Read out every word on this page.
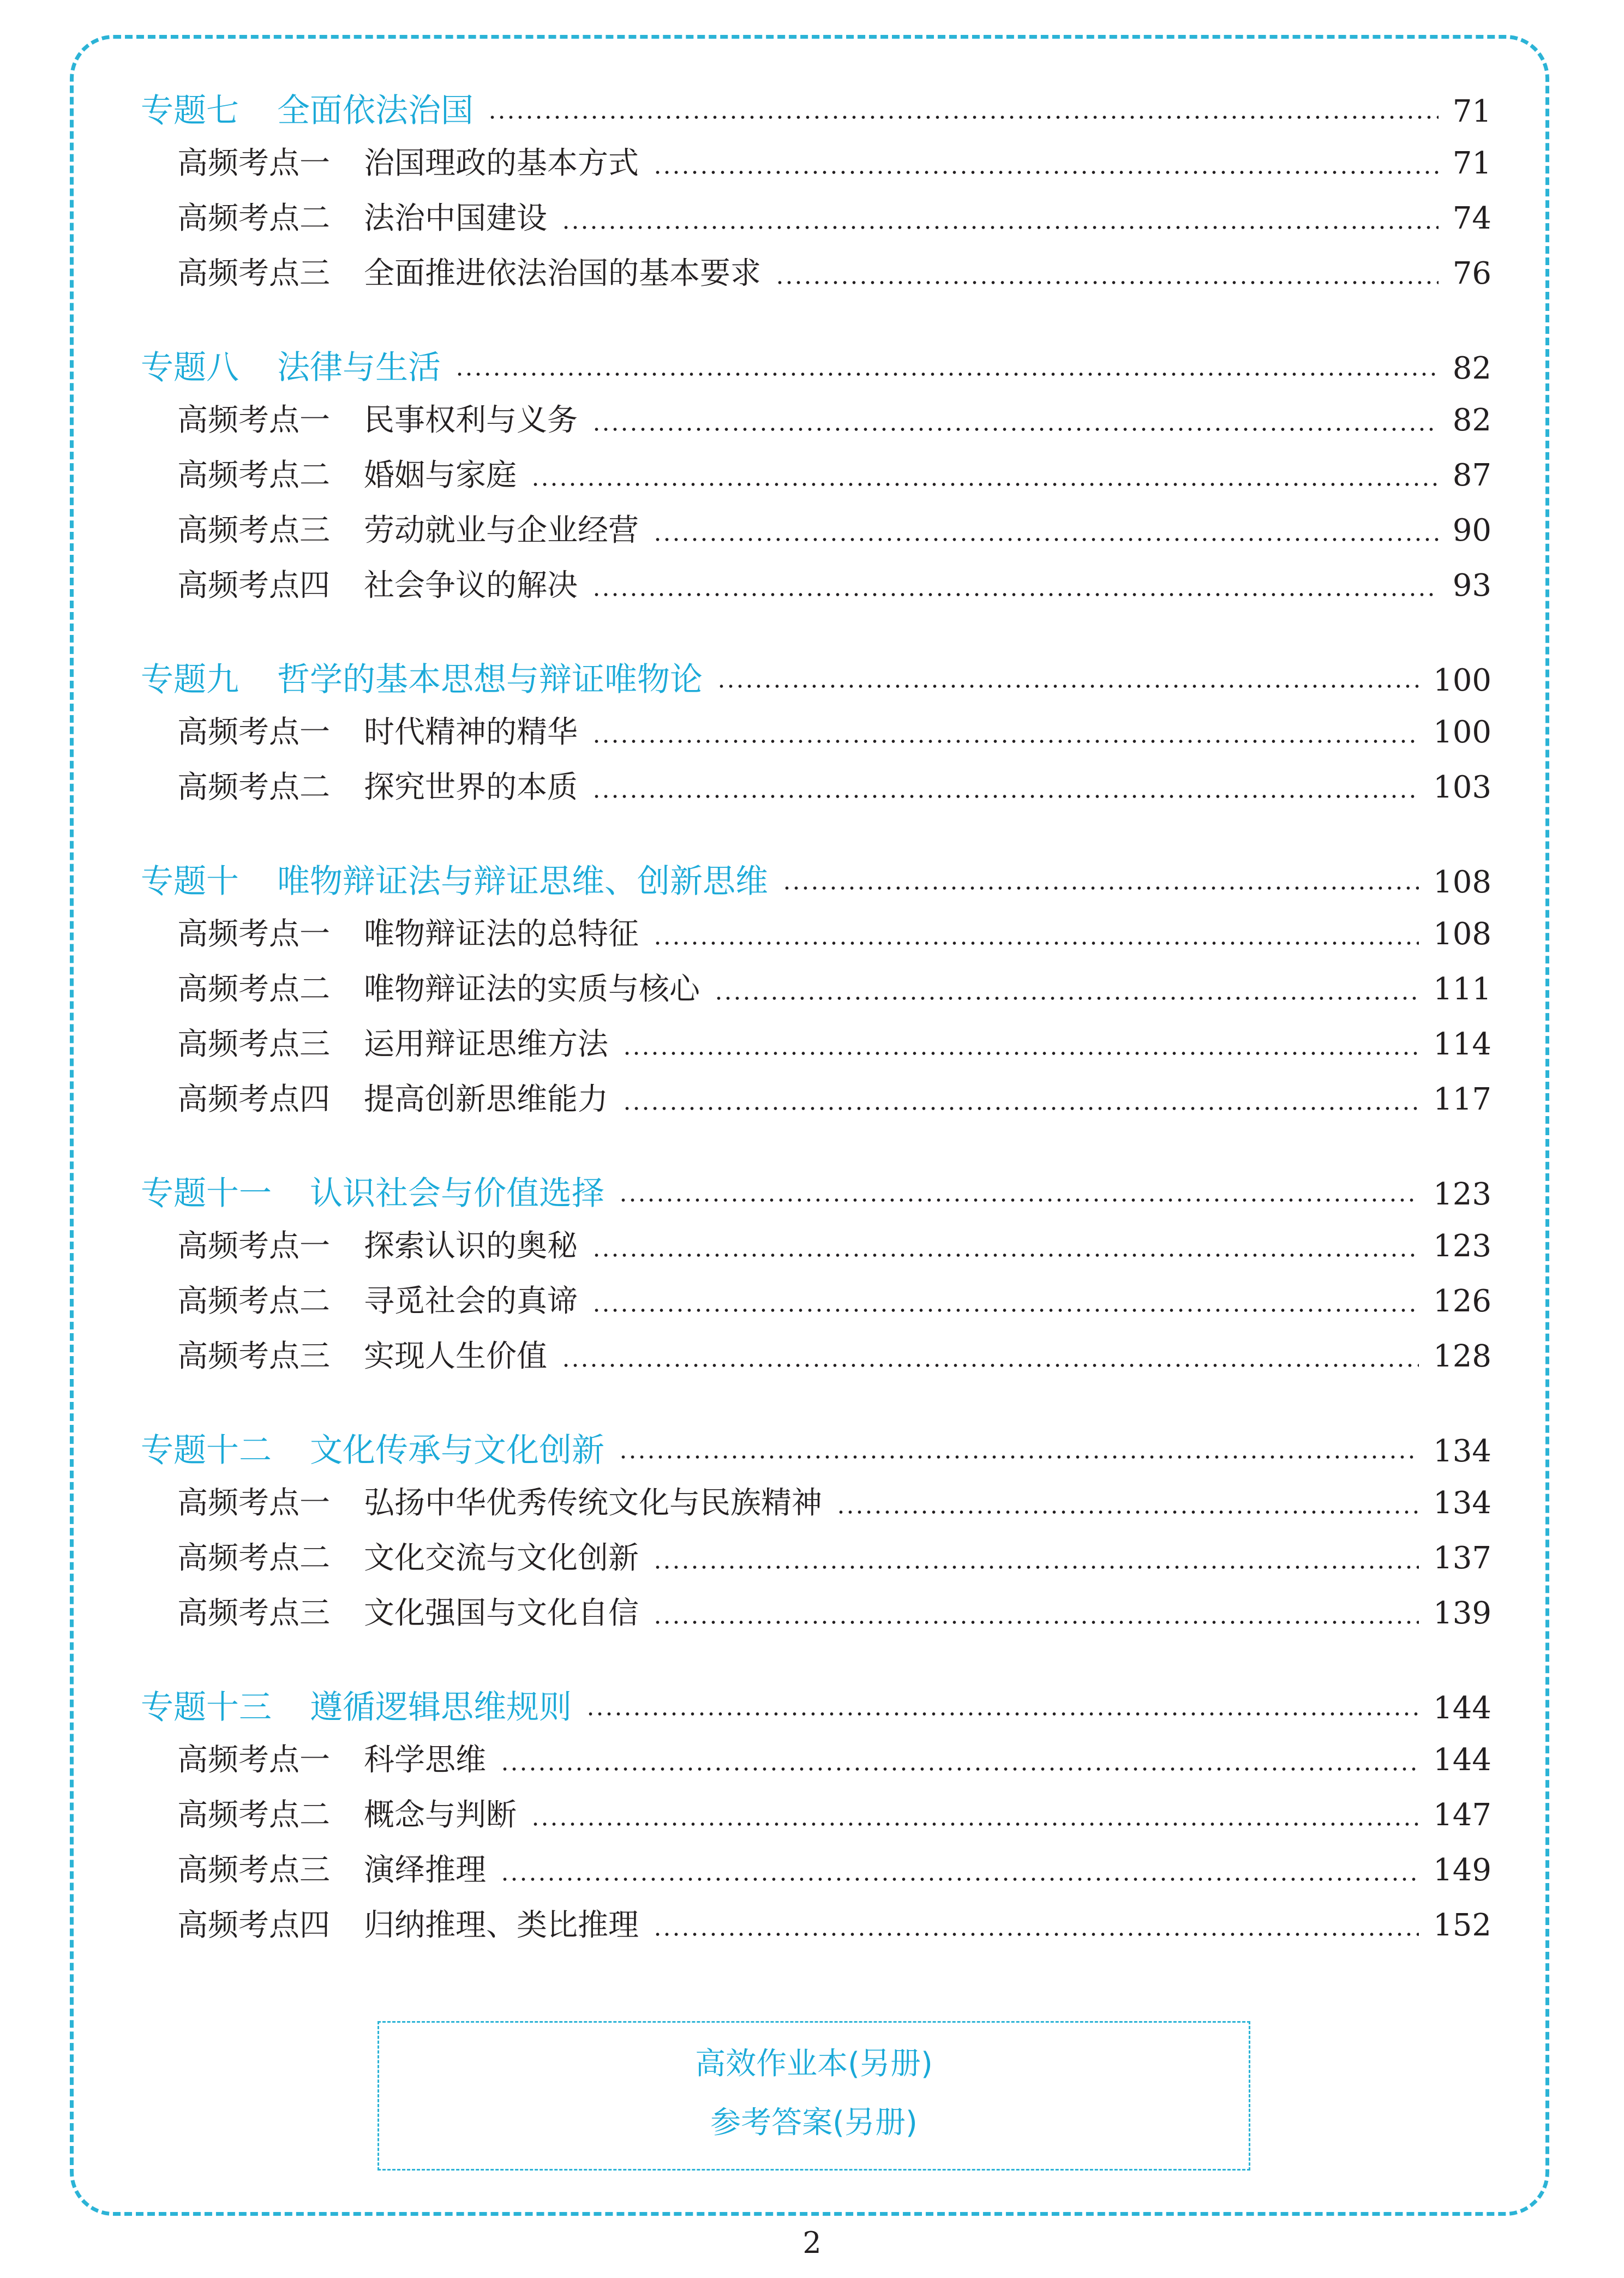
专题七 全面依法治国	71
高频考点一 治国理政的基本方式	71
高频考点二 法治中国建设	74
高频考点三 全面推进依法治国的基本要求	76
专题八 法律与生活	82
高频考点一 民事权利与义务	82
高频考点二 婚姻与家庭	87
高频考点三 劳动就业与企业经营	90
高频考点四 社会争议的解决	93
专题九 哲学的基本思想与辩证唯物论	100
高频考点一 时代精神的精华	100
高频考点二 探究世界的本质	103
专题十 唯物辩证法与辩证思维、创新思维	108
高频考点一 唯物辩证法的总特征	108
高频考点二 唯物辩证法的实质与核心	111
高频考点三 运用辩证思维方法	114
高频考点四 提高创新思维能力	117
专题十一 认识社会与价值选择	123
高频考点一 探索认识的奥秘	123
高频考点二 寻觅社会的真谛	126
高频考点三 实现人生价值	128
专题十二 文化传承与文化创新	134
高频考点一 弘扬中华优秀传统文化与民族精神	134
高频考点二 文化交流与文化创新	137
高频考点三 文化强国与文化自信	139
专题十三 遵循逻辑思维规则	144
高频考点一 科学思维	144
高频考点二 概念与判断	147
高频考点三 演绎推理	149
高频考点四 归纳推理、类比推理	152
高效作业本(另册)
参考答案(另册)
2
